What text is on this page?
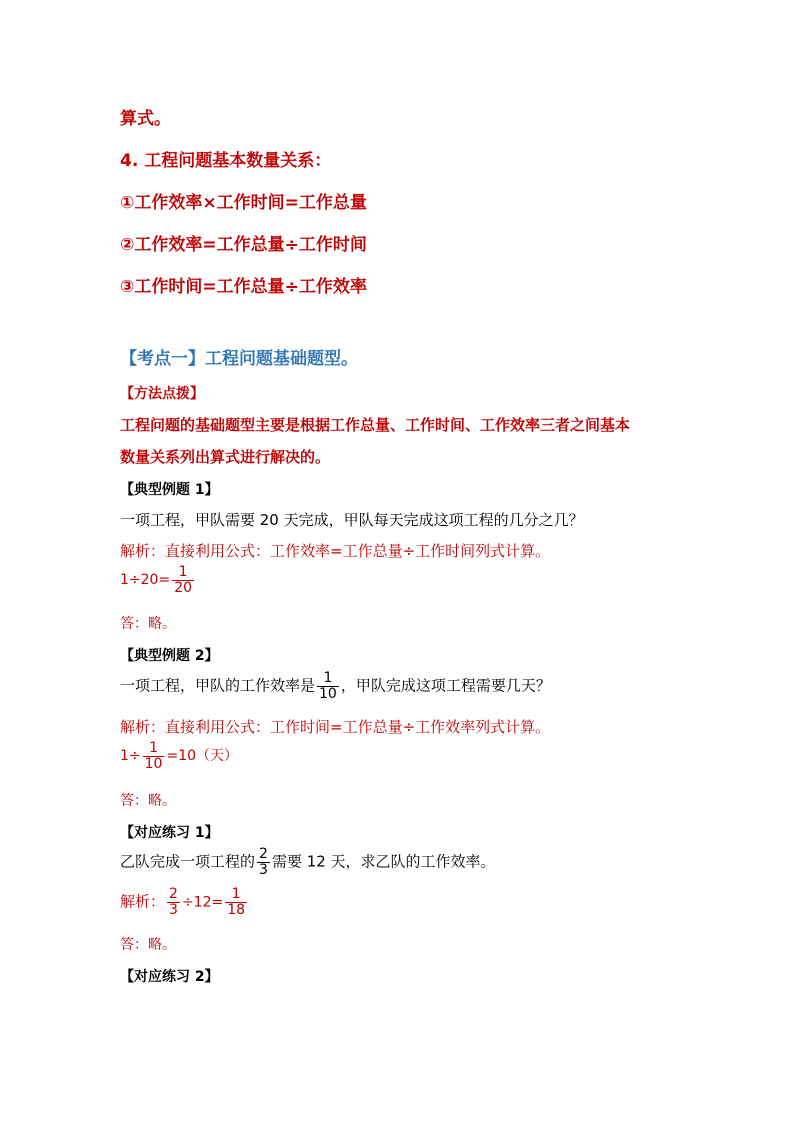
算式。
4. 工程问题基本数量关系：
①工作效率×工作时间=工作总量
②工作效率=工作总量÷工作时间
③工作时间=工作总量÷工作效率
【考点一】工程问题基础题型。
【方法点拨】
工程问题的基础题型主要是根据工作总量、工作时间、工作效率三者之间基本
数量关系列出算式进行解决的。
【典型例题 1】
一项工程，甲队需要 20 天完成，甲队每天完成这项工程的几分之几？
解析：直接利用公式：工作效率=工作总量÷工作时间列式计算。
$1\div 20= \frac{1}{20}$
答：略。
【典型例题 2】
一项工程，甲队的工作效率是 $\frac{1}{10}$ ，甲队完成这项工程需要几天？
解析：直接利用公式：工作时间=工作总量÷工作效率列式计算。
$1\div \frac{1}{10} =10$（天）
答：略。
【对应练习 1】
乙队完成一项工程的 $\frac{2}{3}$ 需要 12 天，求乙队的工作效率。
解析： $\frac{2}{3} \div 12= \frac{1}{18}$
答：略。
【对应练习 2】
